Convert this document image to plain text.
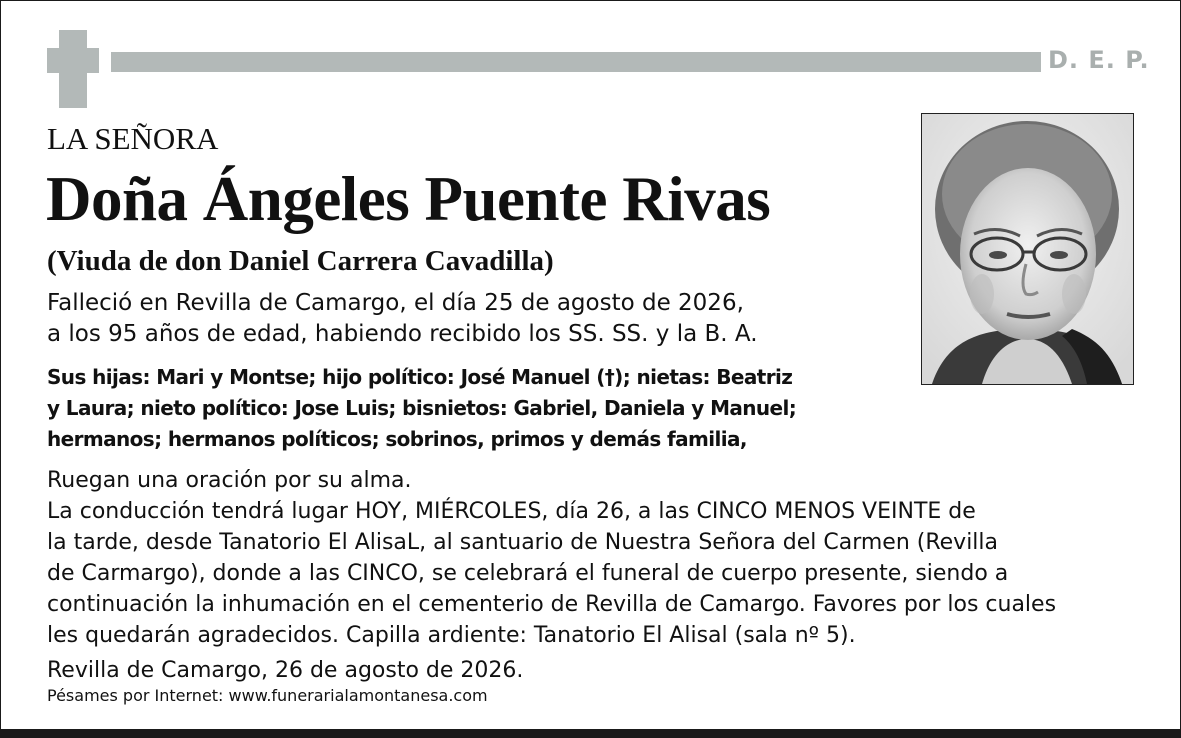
D. E. P.
LA SEÑORA
Doña Ángeles Puente Rivas
(Viuda de don Daniel Carrera Cavadilla)
Falleció en Revilla de Camargo, el día 25 de agosto de 2026,
a los 95 años de edad, habiendo recibido los SS. SS. y la B. A.
Sus hijas: Mari y Montse; hijo político: José Manuel (†); nietas: Beatriz
y Laura; nieto político: Jose Luis; bisnietos: Gabriel, Daniela y Manuel;
hermanos; hermanos políticos; sobrinos, primos y demás familia,
Ruegan una oración por su alma.
La conducción tendrá lugar HOY, MIÉRCOLES, día 26, a las CINCO MENOS VEINTE de
la tarde, desde Tanatorio El AlisaL, al santuario de Nuestra Señora del Carmen (Revilla
de Carmargo), donde a las CINCO, se celebrará el funeral de cuerpo presente, siendo a
continuación la inhumación en el cementerio de Revilla de Camargo. Favores por los cuales
les quedarán agradecidos. Capilla ardiente: Tanatorio El Alisal (sala nº 5).
Revilla de Camargo, 26 de agosto de 2026.
Pésames por Internet: www.funerarialamontanesa.com
